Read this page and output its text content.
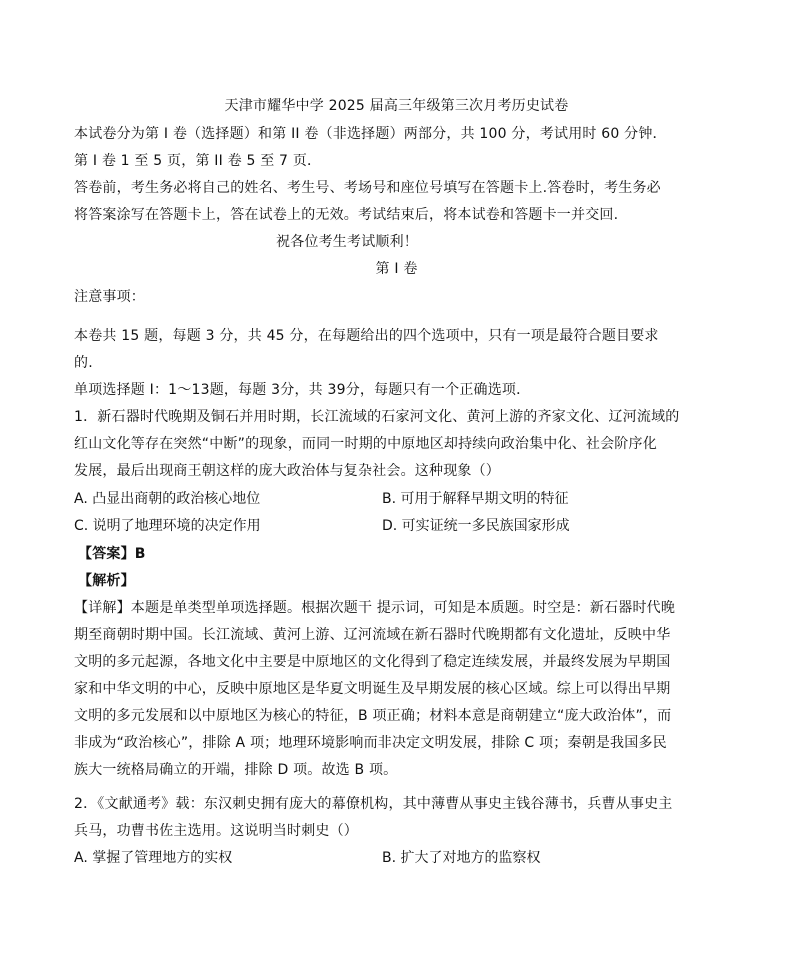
天津市耀华中学 2025 届高三年级第三次月考历史试卷
本试卷分为第 I 卷（选择题）和第 II 卷（非选择题）两部分，共 100 分，考试用时 60 分钟．
第 I 卷 1 至 5 页，第 II 卷 5 至 7 页．
答卷前，考生务必将自己的姓名、考生号、考场号和座位号填写在答题卡上.答卷时，考生务必
将答案涂写在答题卡上，答在试卷上的无效。考试结束后，将本试卷和答题卡一并交回.
祝各位考生考试顺利！
第 I 卷
注意事项：
本卷共 15 题，每题 3 分，共 45 分，在每题给出的四个选项中，只有一项是最符合题目要求
的.
单项选择题 I：1～13题，每题 3分，共 39分，每题只有一个正确选项．
1．新石器时代晚期及铜石并用时期，长江流域的石家河文化、黄河上游的齐家文化、辽河流域的
红山文化等存在突然“中断”的现象，而同一时期的中原地区却持续向政治集中化、社会阶序化
发展，最后出现商王朝这样的庞大政治体与复杂社会。这种现象（）
A. 凸显出商朝的政治核心地位	B. 可用于解释早期文明的特征
C. 说明了地理环境的决定作用	D. 可实证统一多民族国家形成
【答案】B
【解析】
【详解】本题是单类型单项选择题。根据次题干 提示词，可知是本质题。时空是：新石器时代晚
期至商朝时期中国。长江流域、黄河上游、辽河流域在新石器时代晚期都有文化遗址，反映中华
文明的多元起源，各地文化中主要是中原地区的文化得到了稳定连续发展，并最终发展为早期国
家和中华文明的中心，反映中原地区是华夏文明诞生及早期发展的核心区域。综上可以得出早期
文明的多元发展和以中原地区为核心的特征，B 项正确；材料本意是商朝建立“庞大政治体”，而
非成为“政治核心”，排除 A 项；地理环境影响而非决定文明发展，排除 C 项；秦朝是我国多民
族大一统格局确立的开端，排除 D 项。故选 B 项。
2．《文献通考》载：东汉刺史拥有庞大的幕僚机构，其中薄曹从事史主钱谷薄书，兵曹从事史主
兵马，功曹书佐主选用。这说明当时刺史（）
A. 掌握了管理地方的实权	B. 扩大了对地方的监察权
